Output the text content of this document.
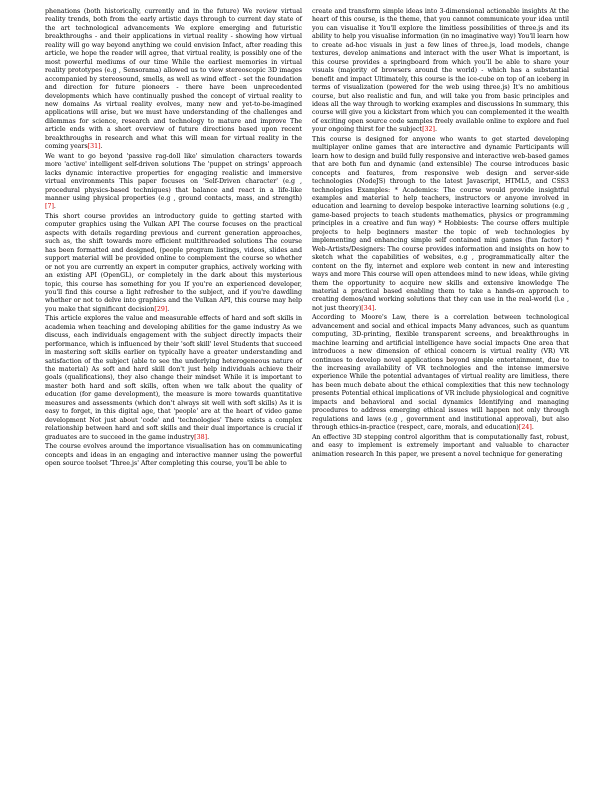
phenations (both historically, currently and in the future) We review virtual reality trends, both from the early artistic days through to current day state of the art technological advancements We explore emerging and futuristic breakthroughs - and their applications in virtual reality - showing how virtual reality will go way beyond anything we could envision Infact, after reading this article, we hope the reader will agree, that virtual reality, is possibly one of the most powerful mediums of our time While the earliest memories in virtual reality prototypes (e.g , Sensorama) allowed us to view stereoscopic 3D images accompanied by stereosound, smells, as well as wind effect - set the foundation and direction for future pioneers - there have been unprecedented developments which have continually pushed the concept of virtual reality to new domains As virtual reality evolves, many new and yet-to-be-imagined applications will arise, but we must have understanding of the challenges and dilemmas for science, research and technology to mature and improve The article ends with a short overview of future directions based upon recent breakthroughs in research and what this will mean for virtual reality in the coming years[31].

We want to go beyond 'passive rag-doll like' simulation characters towards more 'active' intelligent self-driven solutions The 'puppet on strings' approach lacks dynamic interactive properties for engaging realistic and immersive virtual environments This paper focuses on 'Self-Driven character' (e.g , procedural physics-based techniques) that balance and react in a life-like manner using physical properties (e.g , ground contacts, mass, and strength)[7].

This short course provides an introductory guide to getting started with computer graphics using the Vulkan API The course focuses on the practical aspects with details regarding previous and current generation approaches, such as, the shift towards more efficient multithreaded solutions The course has been formatted and designed, (people program listings, videos, slides and support material will be provided online to complement the course so whether or not you are currently an expert in computer graphics, actively working with an existing API (OpenGL), or completely in the dark about this mysterious topic, this course has something for you If you're an experienced developer, you'll find this course a light refresher to the subject, and if you're dawdling whether or not to delve into graphics and the Vulkan API, this course may help you make that significant decision[29].

This article explores the value and measurable effects of hard and soft skills in academia when teaching and developing abilities for the game industry As we discuss, each individuals engagement with the subject directly impacts their performance, which is influenced by their 'soft skill' level Students that succeed in mastering soft skills earlier on typically have a greater understanding and satisfaction of the subject (able to see the underlying heterogeneous nature of the material) As soft and hard skill don't just help individuals achieve their goals (qualifications), they also change their mindset While it is important to master both hard and soft skills, often when we talk about the quality of education (for game development), the measure is more towards quantitative measures and assessments (which don't always sit well with soft skills) As it is easy to forget, in this digital age, that 'people' are at the heart of video game development Not just about 'code' and 'technologies' There exists a complex relationship between hard and soft skills and their dual importance is crucial if graduates are to succeed in the game industry[38].

The course evolves around the importance visualisation has on communicating concepts and ideas in an engaging and interactive manner using the powerful open source toolset 'Three.js' After completing this course, you'll be able to

create and transform simple ideas into 3-dimensional actionable insights At the heart of this course, is the theme, that you cannot communicate your idea until you can visualise it You'll explore the limitless possibilities of three.js and its ability to help you visualise information (in no imaginative way) You'll learn how to create ad-hoc visuals in just a few lines of three.js, load models, change textures, develop animations and interact with the user What is important, is this course provides a springboard from which you'll be able to share your visuals (majority of browsers around the world) - which has a substantial benefit and impact Ultimately, this course is the ice-cube on top of an iceberg in terms of visualization (powered for the web using three.js) It's no ambitious course, but also realistic and fun, and will take you from basic principles and ideas all the way through to working examples and discussions In summary, this course will give you a kickstart from which you can complemented it the wealth of exciting open source code samples freely available online to explore and fuel your ongoing thirst for the subject[32].

This course is designed for anyone who wants to get started developing multiplayer online games that are interactive and dynamic Participants will learn how to design and build fully responsive and interactive web-based games that are both fun and dynamic (and extensible) The course introduces basic concepts and features, from responsive web design and server-side technologies (NodeJS) through to the latest Javascript, HTML5, and CSS3 technologies Examples: * Academics: The course would provide insightful examples and material to help teachers, instructors or anyone involved in education and learning to develop bespoke interactive learning solutions (e.g , game-based projects to teach students mathematics, physics or programming principles in a creative and fun way) * Hobbiests: The course offers multiple projects to help beginners master the topic of web technologies by implementing and enhancing simple self contained mini games (fun factor) * Web-Artists/Designers: The course provides information and insights on how to sketch what the capabilities of websites, e.g , programmatically alter the content on the fly, internet and explore web content in new and interesting ways and more This course will open attendees mind to new ideas, while giving them the opportunity to acquire new skills and extensive knowledge The material a practical based enabling them to take a hands-on approach to creating demos/and working solutions that they can use in the real-world (i.e , not just theory)[34].

According to Moore's Law, there is a correlation between technological advancement and social and ethical impacts Many advances, such as quantum computing, 3D-printing, flexible transparent screens, and breakthroughs in machine learning and artificial intelligence have social impacts One area that introduces a new dimension of ethical concern is virtual reality (VR) VR continues to develop novel applications beyond simple entertainment, due to the increasing availability of VR technologies and the intense immersive experience While the potential advantages of virtual reality are limitless, there has been much debate about the ethical complexities that this new technology presents Potential ethical implications of VR include physiological and cognitive impacts and behavioral and social dynamics Identifying and managing procedures to address emerging ethical issues will happen not only through regulations and laws (e.g , government and institutional approval), but also through ethics-in-practice (respect, care, morals, and education)[24].

An effective 3D stepping control algorithm that is computationally fast, robust, and easy to implement is extremely important and valuable to character animation research In this paper, we present a novel technique for generating
